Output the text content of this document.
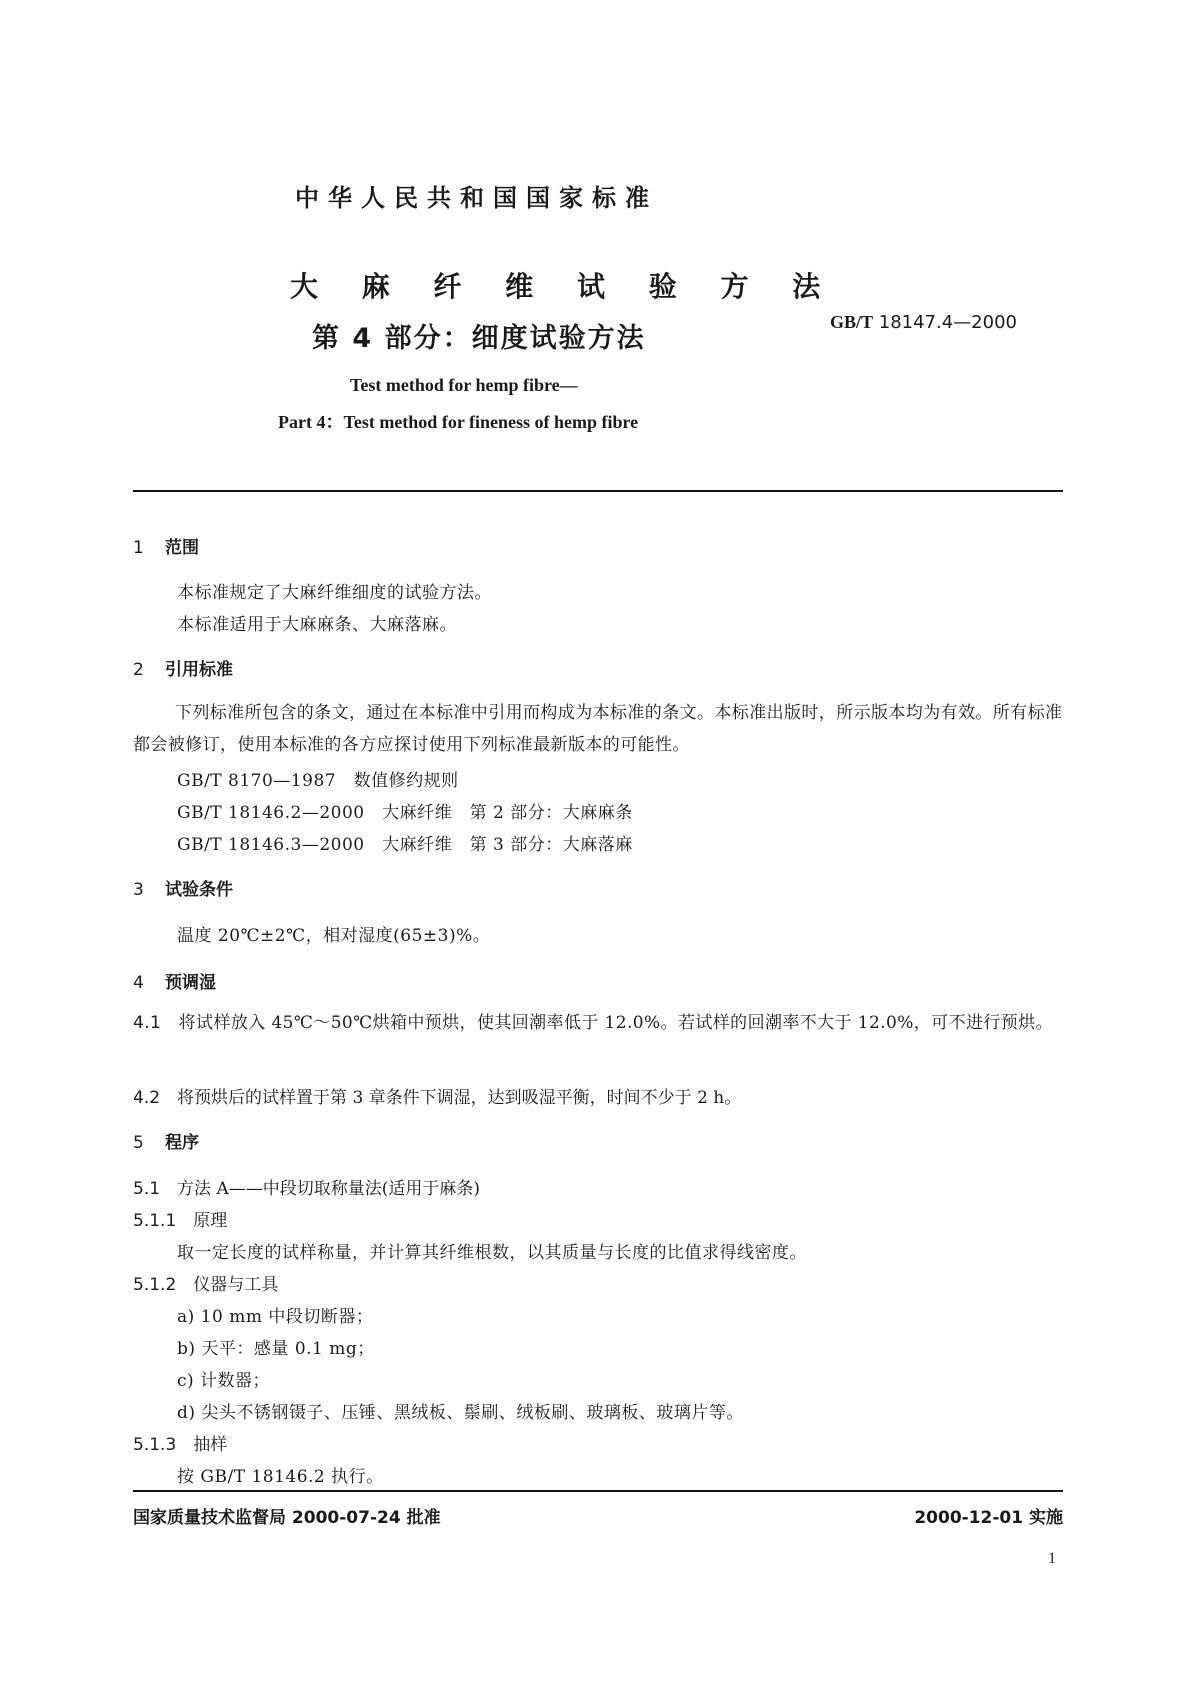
中华人民共和国国家标准
大 麻 纤 维 试 验 方 法
第 4 部分：细度试验方法
GB/T 18147.4—2000
Test method for hemp fibre—
Part 4：Test method for fineness of hemp fibre
1 范围
本标准规定了大麻纤维细度的试验方法。
本标准适用于大麻麻条、大麻落麻。
2 引用标准
下列标准所包含的条文，通过在本标准中引用而构成为本标准的条文。本标准出版时，所示版本均为有效。所有标准都会被修订，使用本标准的各方应探讨使用下列标准最新版本的可能性。
GB/T 8170—1987　数值修约规则
GB/T 18146.2—2000　大麻纤维　第 2 部分：大麻麻条
GB/T 18146.3—2000　大麻纤维　第 3 部分：大麻落麻
3 试验条件
温度 20℃±2℃，相对湿度(65±3)%。
4 预调湿
4.1　 将试样放入 45℃～50℃烘箱中预烘，使其回潮率低于 12.0%。若试样的回潮率不大于 12.0%，可不进行预烘。
4.2　 将预烘后的试样置于第 3 章条件下调湿，达到吸湿平衡，时间不少于 2 h。
5 程序
5.1　 方法 A——中段切取称量法(适用于麻条)
5.1.1　 原理
取一定长度的试样称量，并计算其纤维根数，以其质量与长度的比值求得线密度。
5.1.2　 仪器与工具
a) 10 mm 中段切断器；
b) 天平：感量 0.1 mg；
c) 计数器；
d) 尖头不锈钢镊子、压锤、黑绒板、鬃刷、绒板刷、玻璃板、玻璃片等。
5.1.3　 抽样
按 GB/T 18146.2 执行。
国家质量技术监督局 2000-07-24 批准	2000-12-01 实施
1
